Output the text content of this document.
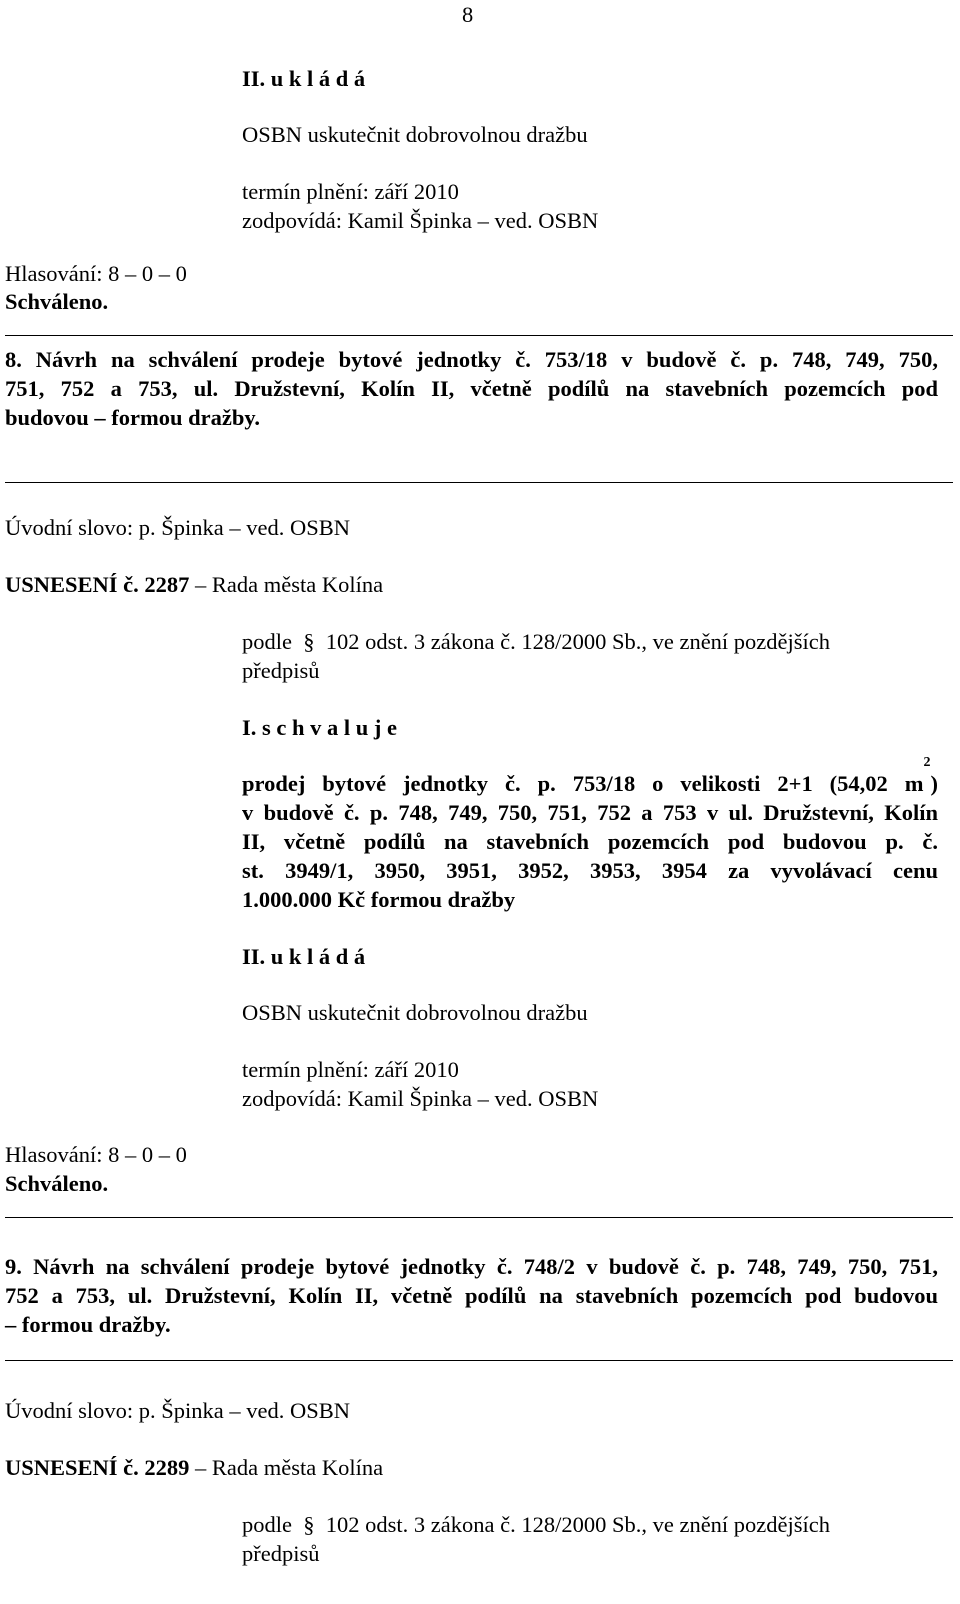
8
II. u k l á d á
OSBN uskutečnit dobrovolnou dražbu
termín plnění: září 2010
zodpovídá: Kamil Špinka – ved. OSBN
Hlasování: 8 – 0 – 0
Schváleno.
8. Návrh na schválení prodeje bytové jednotky č. 753/18 v budově č. p. 748, 749, 750,
751, 752 a 753, ul. Družstevní, Kolín II, včetně podílů na stavebních pozemcích pod
budovou – formou dražby.
Úvodní slovo: p. Špinka – ved. OSBN
USNESENÍ č. 2287 – Rada města Kolína
podle  §  102 odst. 3 zákona č. 128/2000 Sb., ve znění pozdějších
předpisů
I. s c h v a l u j e
prodej bytové jednotky č. p. 753/18 o velikosti 2+1 (54,02 $m^2$)
v budově č. p. 748, 749, 750, 751, 752 a 753 v ul. Družstevní, Kolín
II, včetně podílů na stavebních pozemcích pod budovou p. č.
st. 3949/1, 3950, 3951, 3952, 3953, 3954 za vyvolávací cenu
1.000.000 Kč formou dražby
II. u k l á d á
OSBN uskutečnit dobrovolnou dražbu
termín plnění: září 2010
zodpovídá: Kamil Špinka – ved. OSBN
Hlasování: 8 – 0 – 0
Schváleno.
9. Návrh na schválení prodeje bytové jednotky č. 748/2 v budově č. p. 748, 749, 750, 751,
752 a 753, ul. Družstevní, Kolín II, včetně podílů na stavebních pozemcích pod budovou
– formou dražby.
Úvodní slovo: p. Špinka – ved. OSBN
USNESENÍ č. 2289 – Rada města Kolína
podle  §  102 odst. 3 zákona č. 128/2000 Sb., ve znění pozdějších
předpisů
